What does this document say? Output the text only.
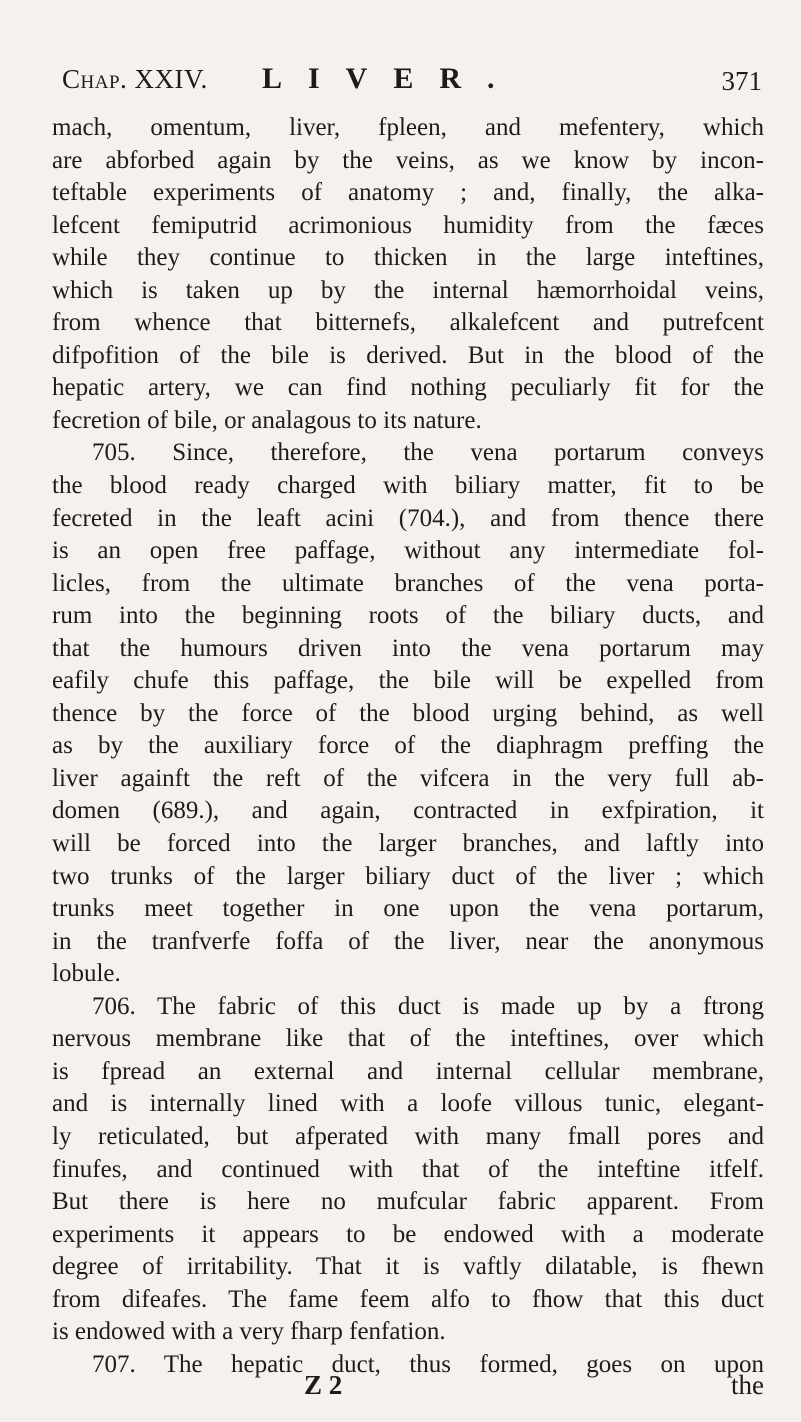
Chap. XXIV. LIVER.	371
mach, omentum, liver, fpleen, and mefentery, which
are abforbed again by the veins, as we know by incon-
teftable experiments of anatomy ; and, finally, the alka-
lefcent femiputrid acrimonious humidity from the fæces
while they continue to thicken in the large inteftines,
which is taken up by the internal hæmorrhoidal veins,
from whence that bitternefs, alkalefcent and putrefcent
difpofition of the bile is derived. But in the blood of the
hepatic artery, we can find nothing peculiarly fit for the
fecretion of bile, or analagous to its nature.
705. Since, therefore, the vena portarum conveys
the blood ready charged with biliary matter, fit to be
fecreted in the leaft acini (704.), and from thence there
is an open free paffage, without any intermediate fol-
licles, from the ultimate branches of the vena porta-
rum into the beginning roots of the biliary ducts, and
that the humours driven into the vena portarum may
eafily chufe this paffage, the bile will be expelled from
thence by the force of the blood urging behind, as well
as by the auxiliary force of the diaphragm preffing the
liver againft the reft of the vifcera in the very full ab-
domen (689.), and again, contracted in exfpiration, it
will be forced into the larger branches, and laftly into
two trunks of the larger biliary duct of the liver ; which
trunks meet together in one upon the vena portarum,
in the tranfverfe foffa of the liver, near the anonymous
lobule.
706. The fabric of this duct is made up by a ftrong
nervous membrane like that of the inteftines, over which
is fpread an external and internal cellular membrane,
and is internally lined with a loofe villous tunic, elegant-
ly reticulated, but afperated with many fmall pores and
finufes, and continued with that of the inteftine itfelf.
But there is here no mufcular fabric apparent. From
experiments it appears to be endowed with a moderate
degree of irritability. That it is vaftly dilatable, is fhewn
from difeafes. The fame feem alfo to fhow that this duct
is endowed with a very fharp fenfation.
707. The hepatic duct, thus formed, goes on upon
Z 2	the
